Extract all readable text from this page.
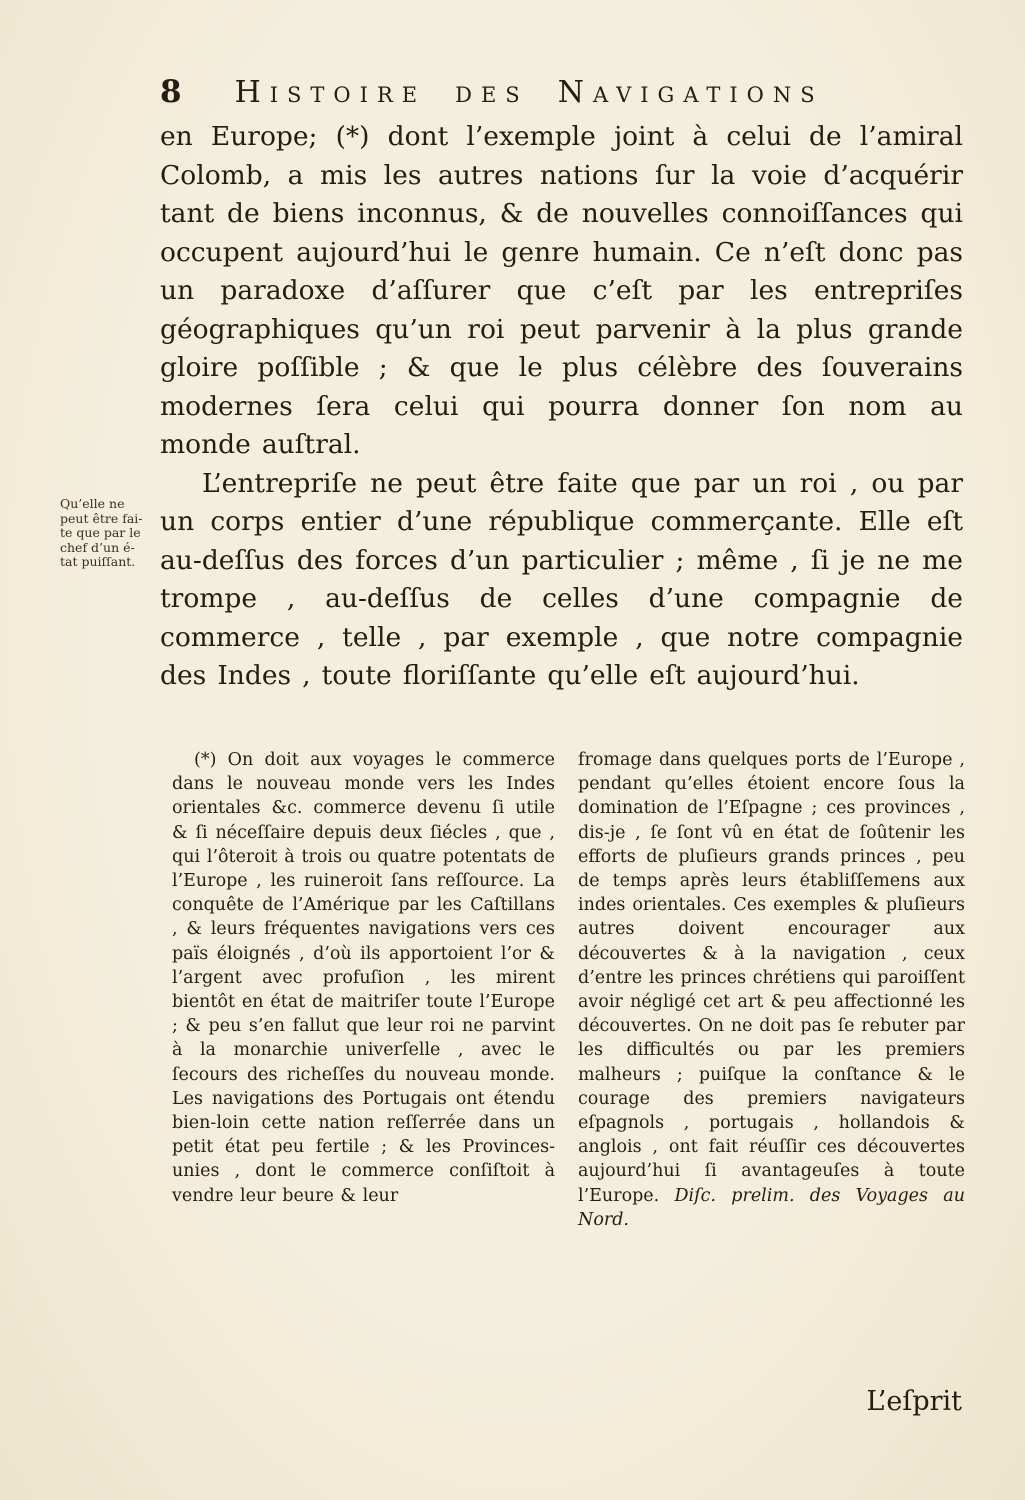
8 Histoire des Navigations
Qu’elle ne
peut être fai-
te que par le
chef d’un é-
tat puiſſant.

en Europe; (*) dont l’exemple joint à celui de l’amiral Colomb, a mis les autres nations ſur la voie d’acquérir tant de biens inconnus, & de nouvelles connoiſſances qui occupent aujourd’hui le genre humain. Ce n’eſt donc pas un paradoxe d’aſſurer que c’eſt par les entrepriſes géographiques qu’un roi peut parvenir à la plus grande gloire poſſible ; & que le plus célèbre des ſouverains modernes ſera celui qui pourra donner ſon nom au monde auſtral.

L’entrepriſe ne peut être faite que par un roi , ou par un corps entier d’une république commerçante. Elle eſt au-deſſus des forces d’un particulier ; même , ſi je ne me trompe , au-deſſus de celles d’une compagnie de commerce , telle , par exemple , que notre compagnie des Indes , toute floriſſante qu’elle eſt aujourd’hui.

(*) On doit aux voyages le commerce dans le nouveau monde vers les Indes orientales &c. commerce devenu ſi utile & ſi néceſſaire depuis deux ſiécles , que , qui l’ôteroit à trois ou quatre potentats de l’Europe , les ruineroit ſans reſſource. La conquête de l’Amérique par les Caſtillans , & leurs fréquentes navigations vers ces païs éloignés , d’où ils apportoient l’or & l’argent avec profuſion , les mirent bientôt en état de maitriſer toute l’Europe ; & peu s’en fallut que leur roi ne parvint à la monarchie univerſelle , avec le ſecours des richeſſes du nouveau monde. Les navigations des Portugais ont étendu bien-loin cette nation reſſerrée dans un petit état peu fertile ; & les Provinces-unies , dont le commerce conſiſtoit à vendre leur beure & leur
fromage dans quelques ports de l’Europe , pendant qu’elles étoient encore ſous la domination de l’Eſpagne ; ces provinces , dis-je , ſe ſont vû en état de ſoûtenir les efforts de pluſieurs grands princes , peu de temps après leurs établiſſemens aux indes orientales. Ces exemples & pluſieurs autres doivent encourager aux découvertes & à la navigation , ceux d’entre les princes chrétiens qui paroiſſent avoir négligé cet art & peu affectionné les découvertes. On ne doit pas ſe rebuter par les difficultés ou par les premiers malheurs ; puiſque la conſtance & le courage des premiers navigateurs eſpagnols , portugais , hollandois & anglois , ont fait réuſſir ces découvertes aujourd’hui ſi avantageuſes à toute l’Europe. Diſc. prelim. des Voyages au Nord.
L’eſprit
